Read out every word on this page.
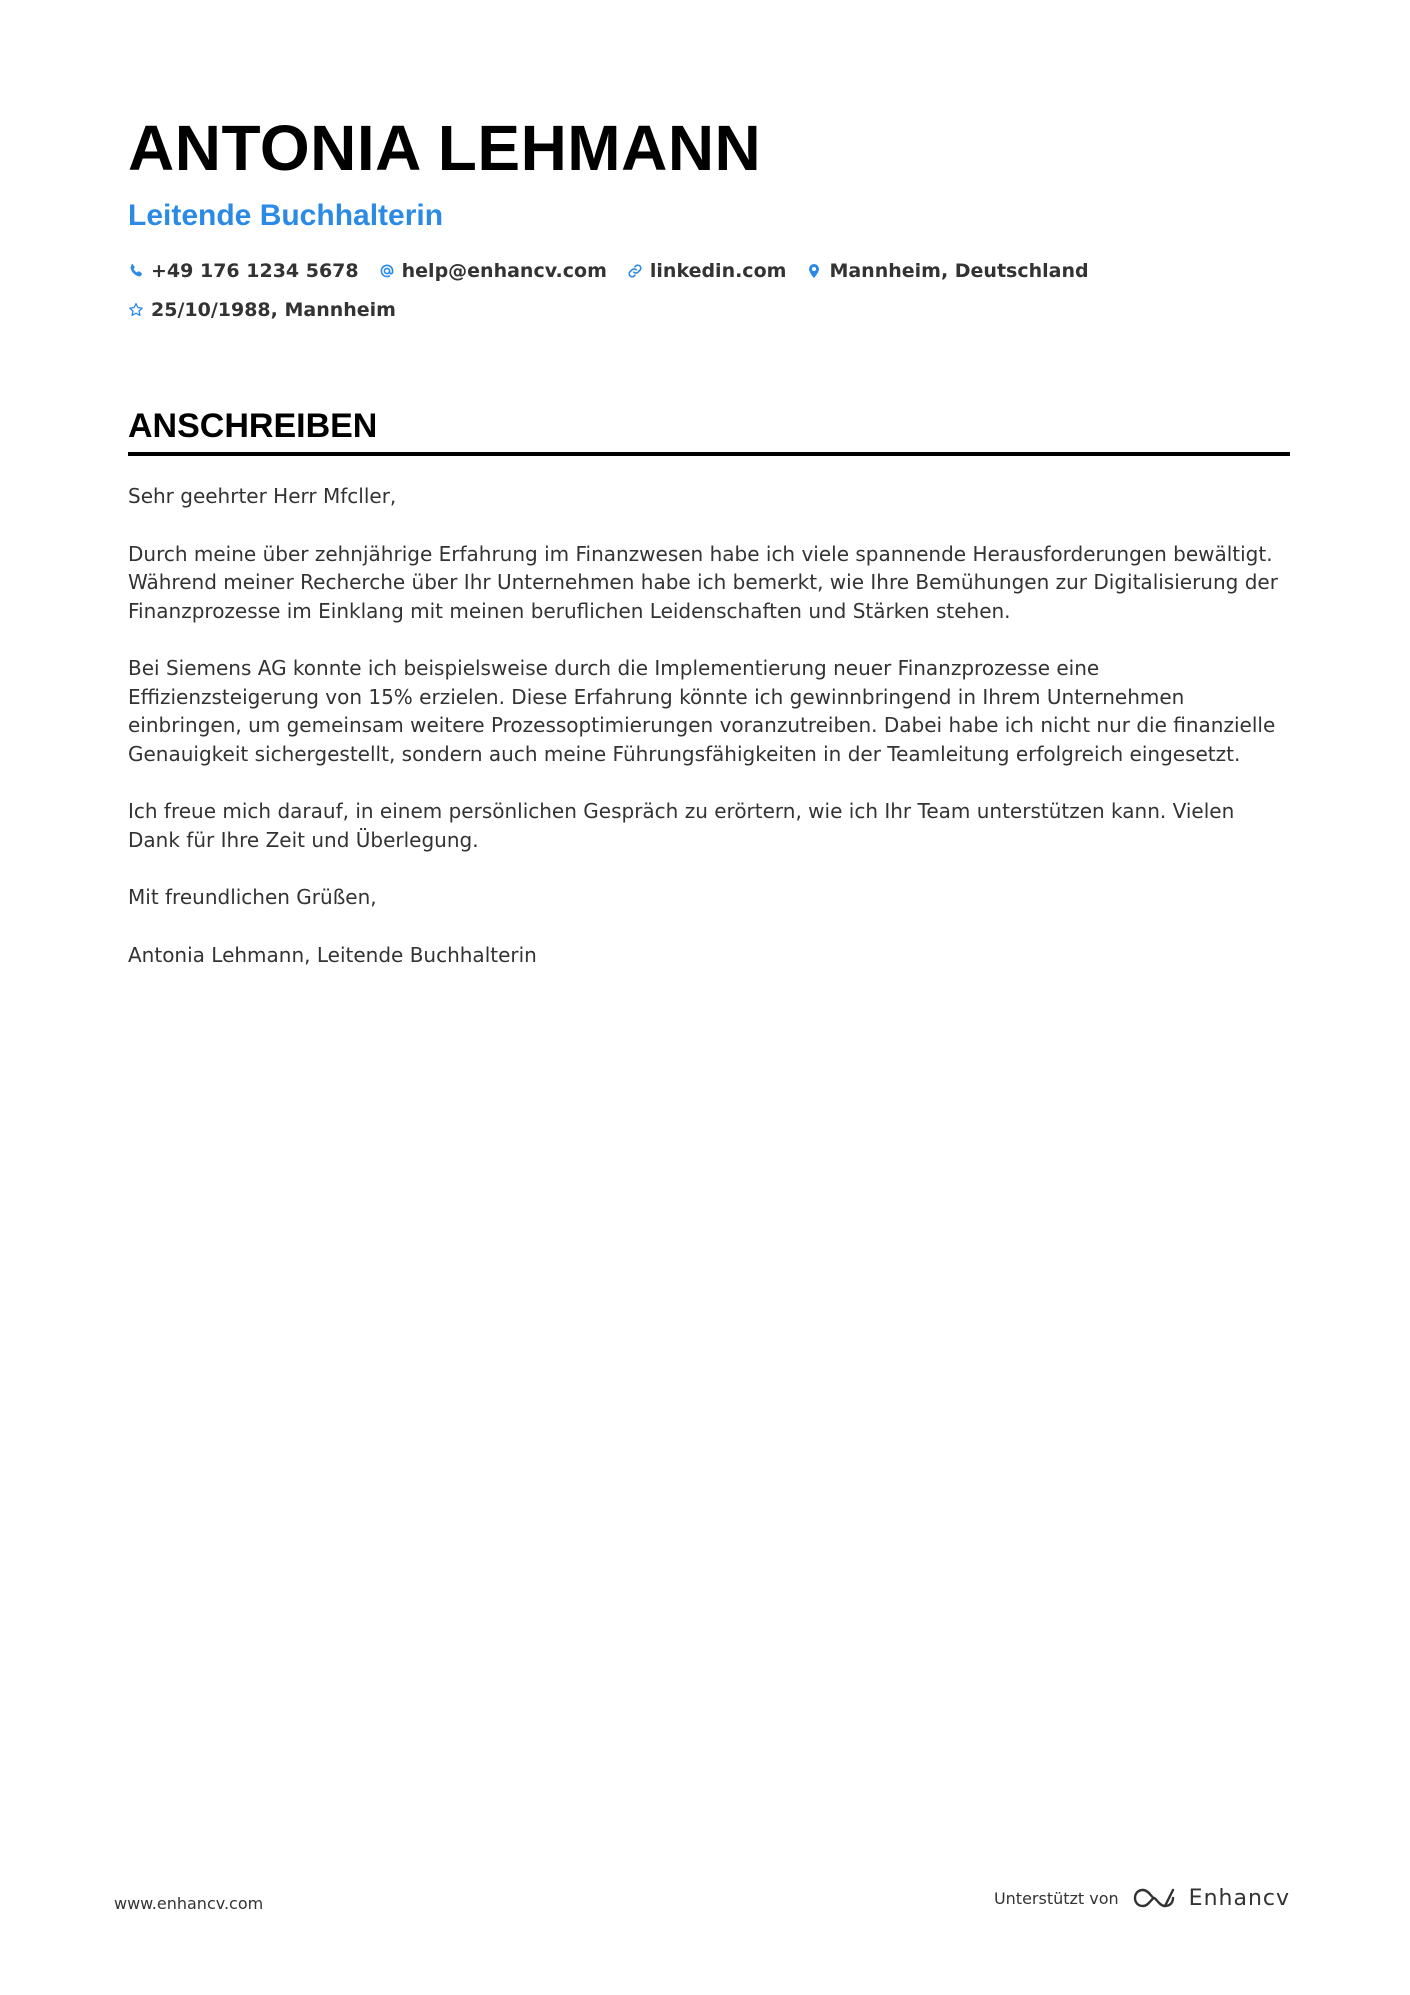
ANTONIA LEHMANN
Leitende Buchhalterin
+49 176 1234 5678 help@enhancv.com linkedin.com Mannheim, Deutschland
25/10/1988, Mannheim
ANSCHREIBEN

Sehr geehrter Herr Mfcller,

Durch meine über zehnjährige Erfahrung im Finanzwesen habe ich viele spannende Herausforderungen bewältigt. Während meiner Recherche über Ihr Unternehmen habe ich bemerkt, wie Ihre Bemühungen zur Digitalisierung der Finanzprozesse im Einklang mit meinen beruflichen Leidenschaften und Stärken stehen.

Bei Siemens AG konnte ich beispielsweise durch die Implementierung neuer Finanzprozesse eine Effizienzsteigerung von 15% erzielen. Diese Erfahrung könnte ich gewinnbringend in Ihrem Unternehmen einbringen, um gemeinsam weitere Prozessoptimierungen voranzutreiben. Dabei habe ich nicht nur die finanzielle Genauigkeit sichergestellt, sondern auch meine Führungsfähigkeiten in der Teamleitung erfolgreich eingesetzt.

Ich freue mich darauf, in einem persönlichen Gespräch zu erörtern, wie ich Ihr Team unterstützen kann. Vielen Dank für Ihre Zeit und Überlegung.

Mit freundlichen Grüßen,

Antonia Lehmann, Leitende Buchhalterin

www.enhancv.com	Unterstützt von	Enhancv
